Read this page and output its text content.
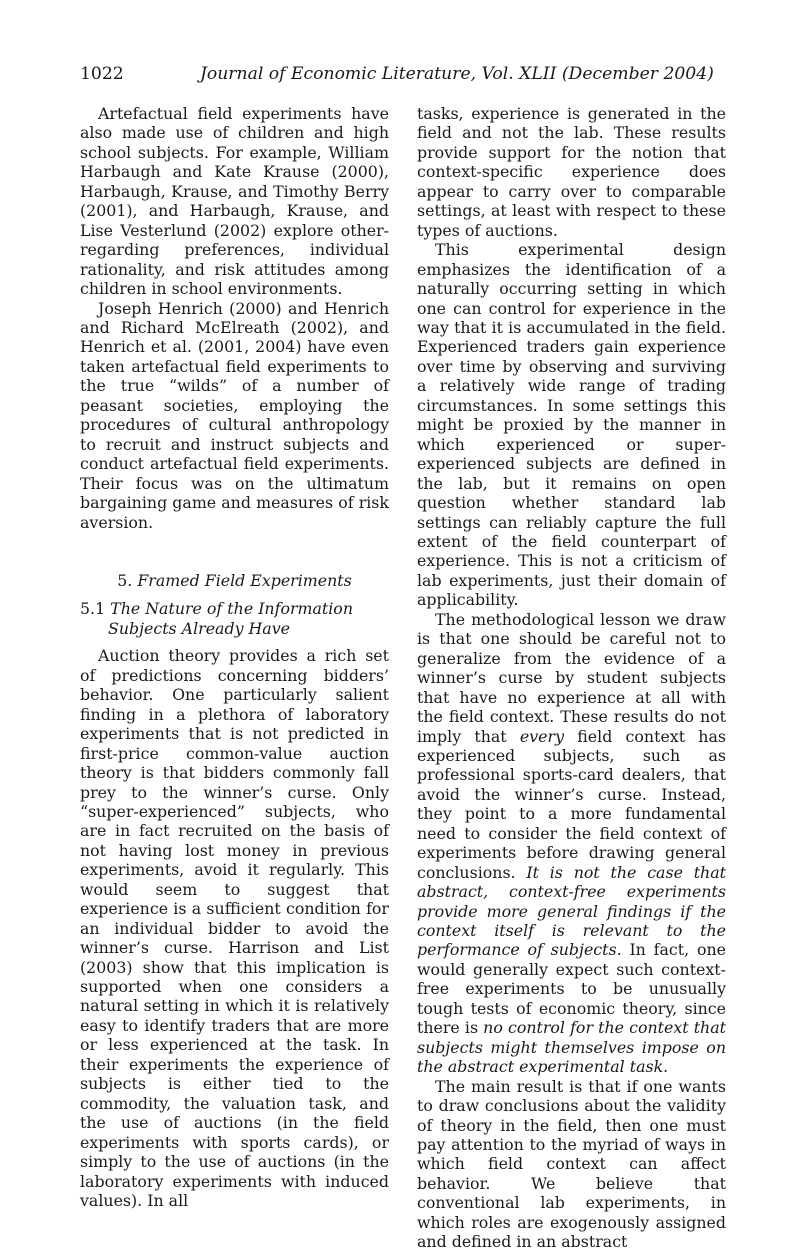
1022	Journal of Economic Literature, Vol. XLII (December 2004)

Artefactual field experiments have also made use of children and high school subjects. For example, William Harbaugh and Kate Krause (2000), Harbaugh, Krause, and Timothy Berry (2001), and Harbaugh, Krause, and Lise Vesterlund (2002) explore other-regarding preferences, individual rationality, and risk attitudes among children in school environments.

Joseph Henrich (2000) and Henrich and Richard McElreath (2002), and Henrich et al. (2001, 2004) have even taken artefactual field experiments to the true “wilds” of a number of peasant societies, employing the procedures of cultural anthropology to recruit and instruct subjects and conduct artefactual field experiments. Their focus was on the ultimatum bargaining game and measures of risk aversion.

5. Framed Field Experiments

5.1 The Nature of the Information Subjects Already Have

Auction theory provides a rich set of predictions concerning bidders’ behavior. One particularly salient finding in a plethora of laboratory experiments that is not predicted in first-price common-value auction theory is that bidders commonly fall prey to the winner’s curse. Only “super-experienced” subjects, who are in fact recruited on the basis of not having lost money in previous experiments, avoid it regularly. This would seem to suggest that experience is a sufficient condition for an individual bidder to avoid the winner’s curse. Harrison and List (2003) show that this implication is supported when one considers a natural setting in which it is relatively easy to identify traders that are more or less experienced at the task. In their experiments the experience of subjects is either tied to the commodity, the valuation task, and the use of auctions (in the field experiments with sports cards), or simply to the use of auctions (in the laboratory experiments with induced values). In all

tasks, experience is generated in the field and not the lab. These results provide support for the notion that context-specific experience does appear to carry over to comparable settings, at least with respect to these types of auctions.

This experimental design emphasizes the identification of a naturally occurring setting in which one can control for experience in the way that it is accumulated in the field. Experienced traders gain experience over time by observing and surviving a relatively wide range of trading circumstances. In some settings this might be proxied by the manner in which experienced or super-experienced subjects are defined in the lab, but it remains on open question whether standard lab settings can reliably capture the full extent of the field counterpart of experience. This is not a criticism of lab experiments, just their domain of applicability.

The methodological lesson we draw is that one should be careful not to generalize from the evidence of a winner’s curse by student subjects that have no experience at all with the field context. These results do not imply that every field context has experienced subjects, such as professional sports-card dealers, that avoid the winner’s curse. Instead, they point to a more fundamental need to consider the field context of experiments before drawing general conclusions. It is not the case that abstract, context-free experiments provide more general findings if the context itself is relevant to the performance of subjects. In fact, one would generally expect such context-free experiments to be unusually tough tests of economic theory, since there is no control for the context that subjects might themselves impose on the abstract experimental task.

The main result is that if one wants to draw conclusions about the validity of theory in the field, then one must pay attention to the myriad of ways in which field context can affect behavior. We believe that conventional lab experiments, in which roles are exogenously assigned and defined in an abstract
